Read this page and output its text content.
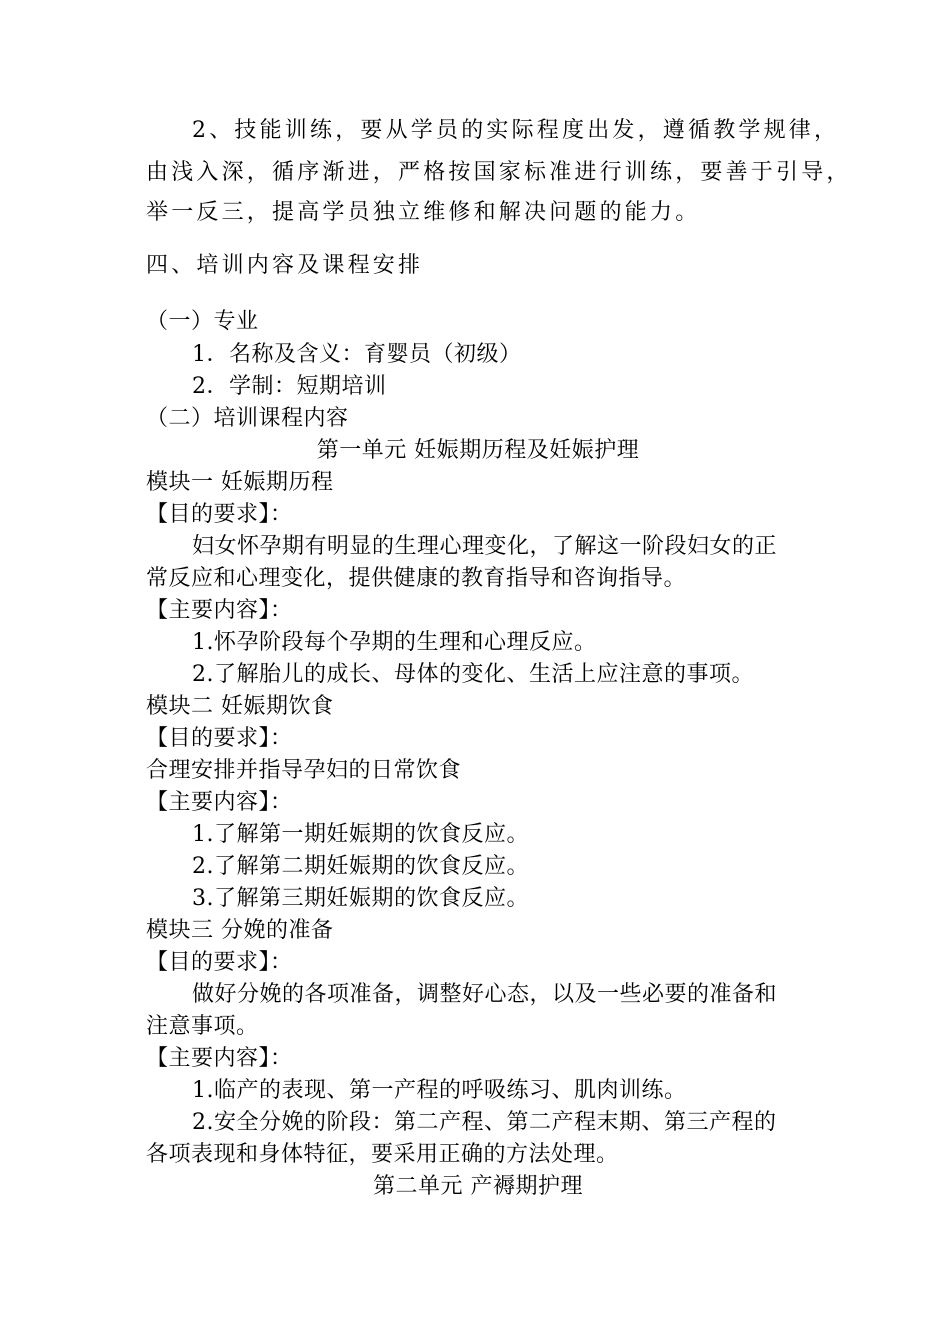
2、技能训练，要从学员的实际程度出发，遵循教学规律，
由浅入深，循序渐进，严格按国家标准进行训练，要善于引导，
举一反三，提高学员独立维修和解决问题的能力。
四、培训内容及课程安排
（一）专业
1．名称及含义：育婴员（初级）
2．学制：短期培训
（二）培训课程内容
第一单元 妊娠期历程及妊娠护理
模块一 妊娠期历程
【目的要求】：
妇女怀孕期有明显的生理心理变化，了解这一阶段妇女的正
常反应和心理变化，提供健康的教育指导和咨询指导。
【主要内容】：
1.怀孕阶段每个孕期的生理和心理反应。
2.了解胎儿的成长、母体的变化、生活上应注意的事项。
模块二 妊娠期饮食
【目的要求】：
合理安排并指导孕妇的日常饮食
【主要内容】：
1.了解第一期妊娠期的饮食反应。
2.了解第二期妊娠期的饮食反应。
3.了解第三期妊娠期的饮食反应。
模块三 分娩的准备
【目的要求】：
做好分娩的各项准备，调整好心态，以及一些必要的准备和
注意事项。
【主要内容】：
1.临产的表现、第一产程的呼吸练习、肌肉训练。
2.安全分娩的阶段：第二产程、第二产程末期、第三产程的
各项表现和身体特征，要采用正确的方法处理。
第二单元 产褥期护理
